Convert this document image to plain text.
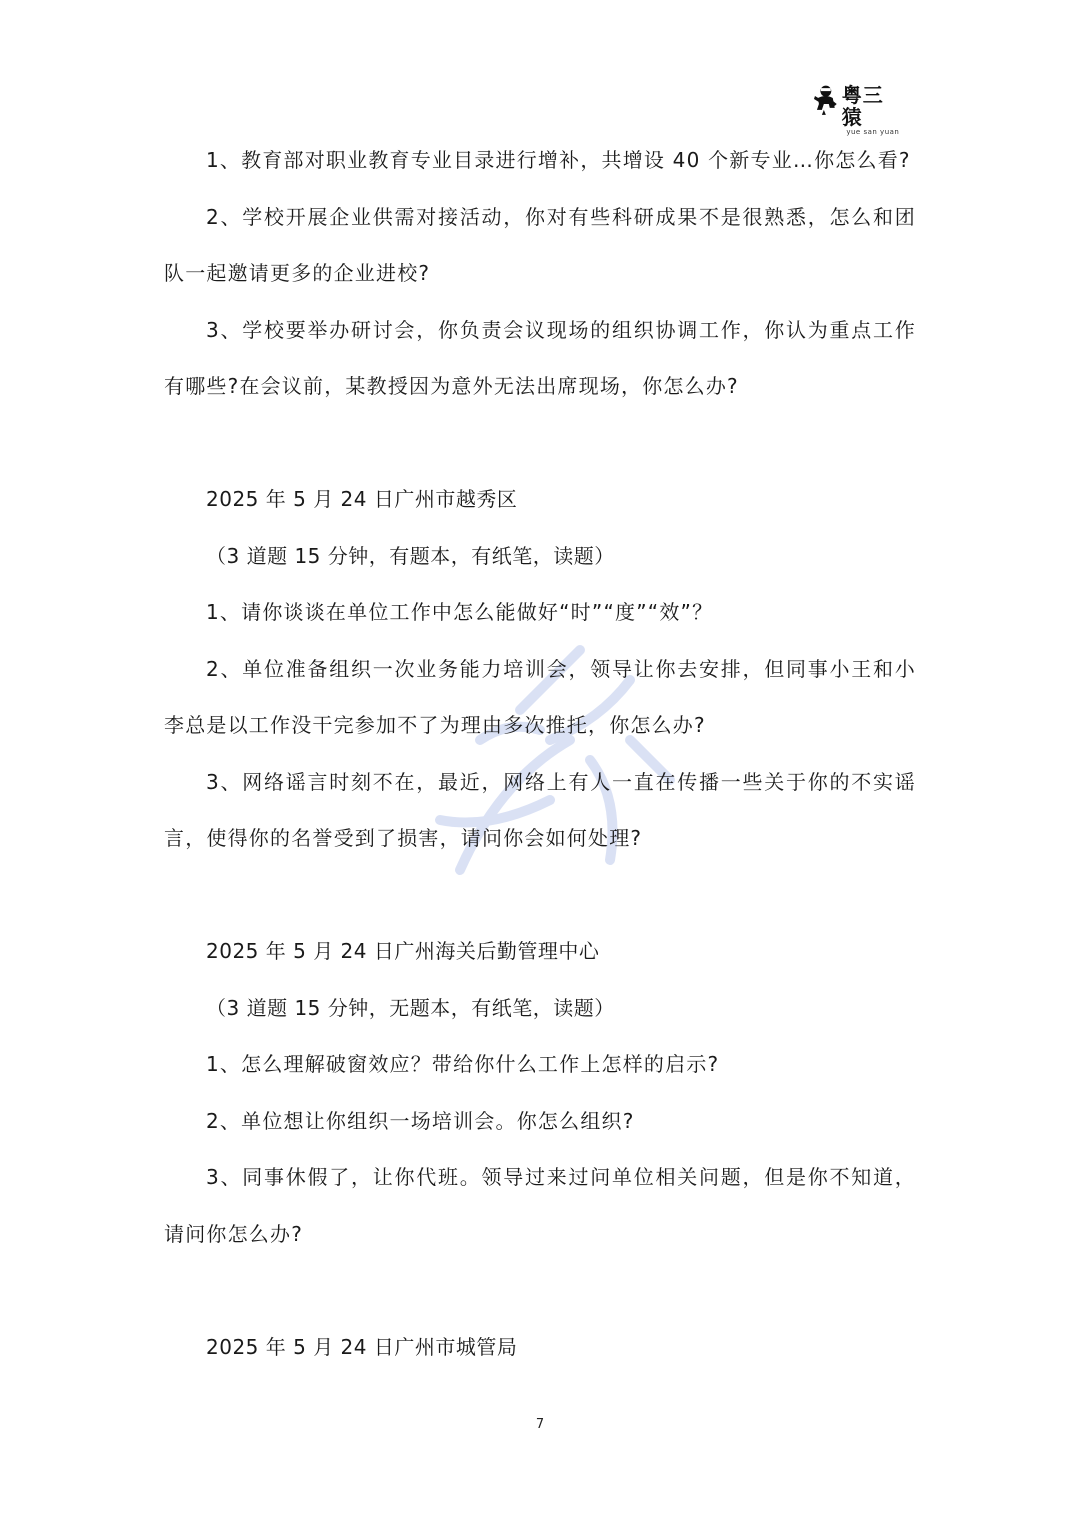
粤三猿
yue san yuan

1、教育部对职业教育专业目录进行增补，共增设 40 个新专业…你怎么看?

2、学校开展企业供需对接活动，你对有些科研成果不是很熟悉，怎么和团队一起邀请更多的企业进校?

3、学校要举办研讨会，你负责会议现场的组织协调工作，你认为重点工作有哪些?在会议前，某教授因为意外无法出席现场，你怎么办?

2025 年 5 月 24 日广州市越秀区

（3 道题 15 分钟，有题本，有纸笔，读题）

1、请你谈谈在单位工作中怎么能做好“时”“度”“效”？

2、单位准备组织一次业务能力培训会，领导让你去安排，但同事小王和小李总是以工作没干完参加不了为理由多次推托，你怎么办?

3、网络谣言时刻不在，最近，网络上有人一直在传播一些关于你的不实谣言，使得你的名誉受到了损害，请问你会如何处理?

2025 年 5 月 24 日广州海关后勤管理中心

（3 道题 15 分钟，无题本，有纸笔，读题）

1、怎么理解破窗效应？带给你什么工作上怎样的启示?

2、单位想让你组织一场培训会。你怎么组织?

3、同事休假了，让你代班。领导过来过问单位相关问题，但是你不知道，请问你怎么办?

2025 年 5 月 24 日广州市城管局

7
